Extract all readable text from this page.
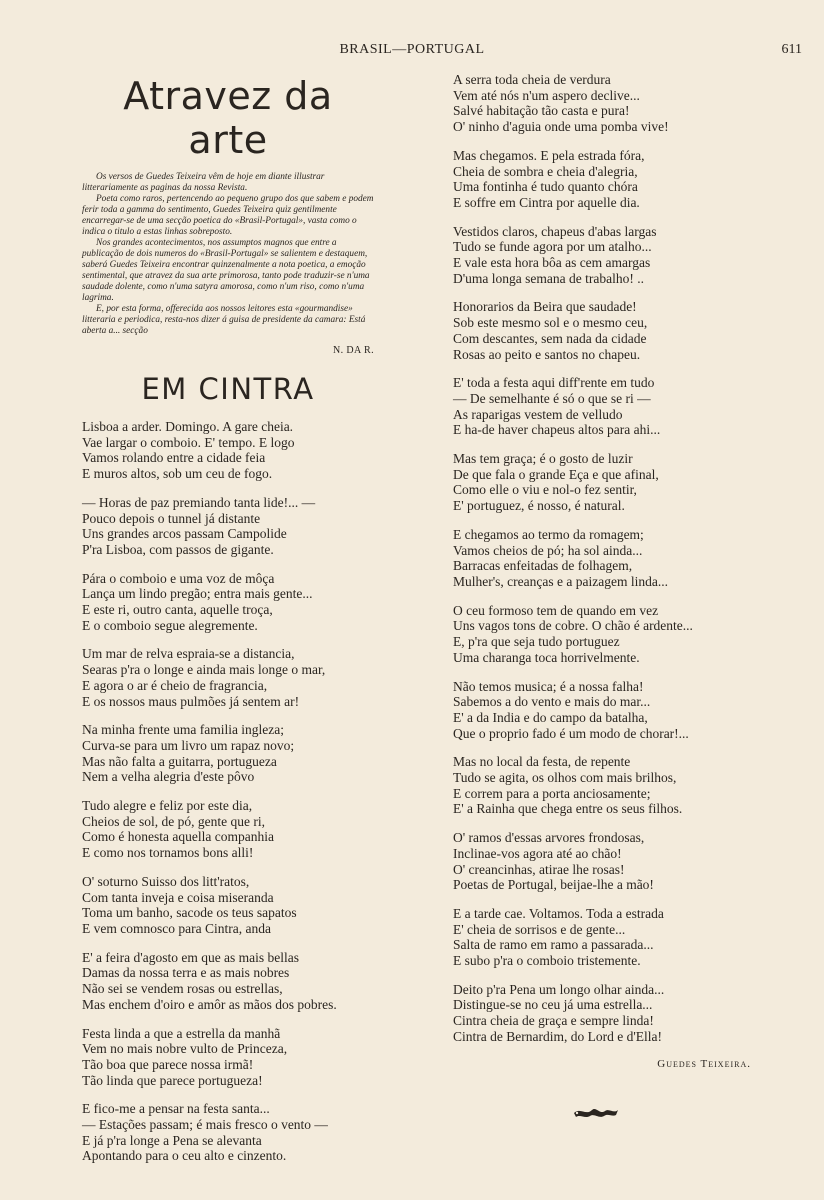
BRASIL—PORTUGAL	611
Atravez da arte

Os versos de Guedes Teixeira vêm de hoje em diante illustrar litterariamente as paginas da nossa Revista.

Poeta como raros, pertencendo ao pequeno grupo dos que sabem e podem ferir toda a gamma do sentimento, Guedes Teixeira quiz gentilmente encarregar-se de uma secção poetica do «Brasil-Portugal», vasta como o indica o titulo a estas linhas sobreposto.

Nos grandes acontecimentos, nos assumptos magnos que entre a publicação de dois numeros do «Brasil-Portugal» se salientem e destaquem, saberá Guedes Teixeira encontrar quinzenalmente a nota poetica, a emoção sentimental, que atravez da sua arte primorosa, tanto pode traduzir-se n'uma saudade dolente, como n'uma satyra amorosa, como n'um riso, como n'uma lagrima.

E, por esta forma, offerecida aos nossos leitores esta «gourmandise» litteraria e periodica, resta-nos dizer á guisa de presidente da camara: Está aberta a... secção

N. DA R.
EM CINTRA
Lisboa a arder. Domingo. A gare cheia.
Vae largar o comboio. E' tempo. E logo
Vamos rolando entre a cidade feia
E muros altos, sob um ceu de fogo.
— Horas de paz premiando tanta lide!... —
Pouco depois o tunnel já distante
Uns grandes arcos passam Campolide
P'ra Lisboa, com passos de gigante.
Pára o comboio e uma voz de môça
Lança um lindo pregão; entra mais gente...
E este ri, outro canta, aquelle troça,
E o comboio segue alegremente.
Um mar de relva espraia-se a distancia,
Searas p'ra o longe e ainda mais longe o mar,
E agora o ar é cheio de fragrancia,
E os nossos maus pulmões já sentem ar!
Na minha frente uma familia ingleza;
Curva-se para um livro um rapaz novo;
Mas não falta a guitarra, portugueza
Nem a velha alegria d'este pôvo
Tudo alegre e feliz por este dia,
Cheios de sol, de pó, gente que ri,
Como é honesta aquella companhia
E como nos tornamos bons alli!
O' soturno Suisso dos litt'ratos,
Com tanta inveja e coisa miseranda
Toma um banho, sacode os teus sapatos
E vem comnosco para Cintra, anda
E' a feira d'agosto em que as mais bellas
Damas da nossa terra e as mais nobres
Não sei se vendem rosas ou estrellas,
Mas enchem d'oiro e amôr as mãos dos pobres.
Festa linda a que a estrella da manhã
Vem no mais nobre vulto de Princeza,
Tão boa que parece nossa irmã!
Tão linda que parece portugueza!
E fico-me a pensar na festa santa...
— Estações passam; é mais fresco o vento —
E já p'ra longe a Pena se alevanta
Apontando para o ceu alto e cinzento.
A serra toda cheia de verdura
Vem até nós n'um aspero declive...
Salvé habitação tão casta e pura!
O' ninho d'aguia onde uma pomba vive!
Mas chegamos. E pela estrada fóra,
Cheia de sombra e cheia d'alegria,
Uma fontinha é tudo quanto chóra
E soffre em Cintra por aquelle dia.
Vestidos claros, chapeus d'abas largas
Tudo se funde agora por um atalho...
E vale esta hora bôa as cem amargas
D'uma longa semana de trabalho! ..
Honorarios da Beira que saudade!
Sob este mesmo sol e o mesmo ceu,
Com descantes, sem nada da cidade
Rosas ao peito e santos no chapeu.
E' toda a festa aqui diff'rente em tudo
— De semelhante é só o que se ri —
As raparigas vestem de velludo
E ha-de haver chapeus altos para ahi...
Mas tem graça; é o gosto de luzir
De que fala o grande Eça e que afinal,
Como elle o viu e nol-o fez sentir,
E' portuguez, é nosso, é natural.
E chegamos ao termo da romagem;
Vamos cheios de pó; ha sol ainda...
Barracas enfeitadas de folhagem,
Mulher's, creanças e a paizagem linda...
O ceu formoso tem de quando em vez
Uns vagos tons de cobre. O chão é ardente...
E, p'ra que seja tudo portuguez
Uma charanga toca horrivelmente.
Não temos musica; é a nossa falha!
Sabemos a do vento e mais do mar...
E' a da India e do campo da batalha,
Que o proprio fado é um modo de chorar!...
Mas no local da festa, de repente
Tudo se agita, os olhos com mais brilhos,
E correm para a porta anciosamente;
E' a Rainha que chega entre os seus filhos.
O' ramos d'essas arvores frondosas,
Inclinae-vos agora até ao chão!
O' creancinhas, atirae lhe rosas!
Poetas de Portugal, beijae-lhe a mão!
E a tarde cae. Voltamos. Toda a estrada
E' cheia de sorrisos e de gente...
Salta de ramo em ramo a passarada...
E subo p'ra o comboio tristemente.
Deito p'ra Pena um longo olhar ainda...
Distingue-se no ceu já uma estrella...
Cintra cheia de graça e sempre linda!
Cintra de Bernardim, do Lord e d'Ella!
Guedes Teixeira.
